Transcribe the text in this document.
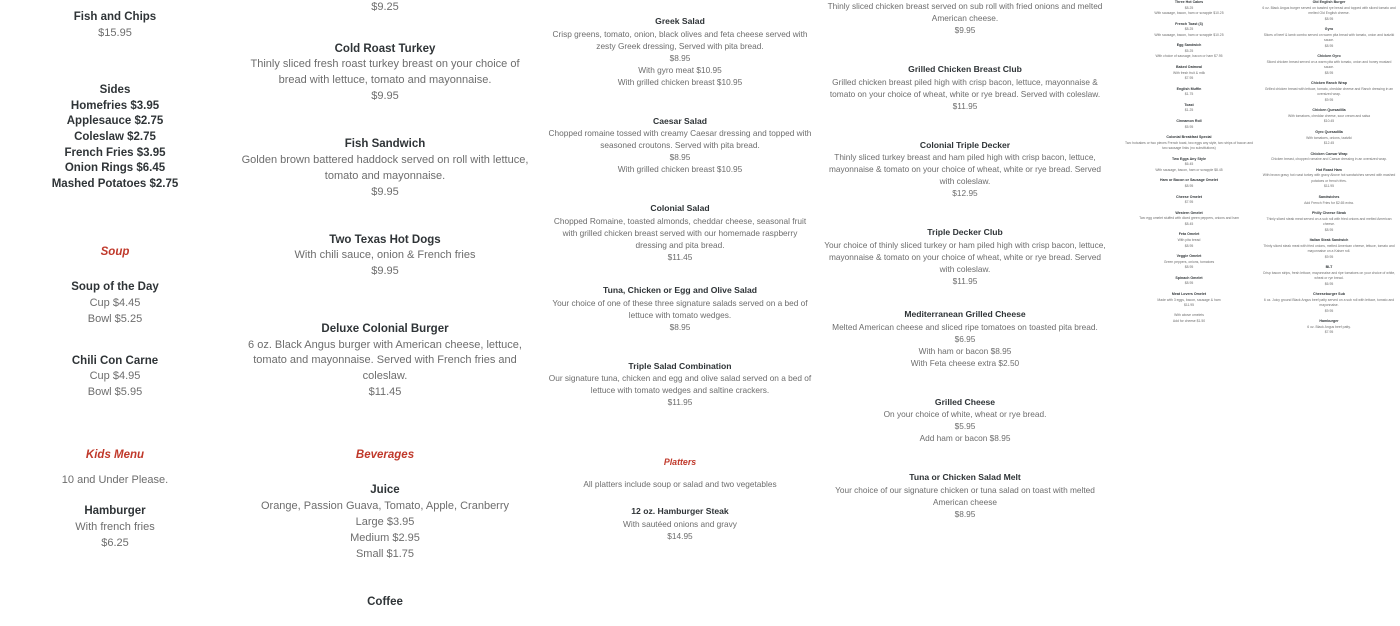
Fish and Chips
$15.95
Sides
Homefries $3.95
Applesauce $2.75
Coleslaw $2.75
French Fries $3.95
Onion Rings $6.45
Mashed Potatoes $2.75
Soup
Soup of the Day
Cup $4.45
Bowl $5.25
Chili Con Carne
Cup $4.95
Bowl $5.95
Kids Menu
10 and Under Please.
Hamburger
With french fries
$6.25
$9.25
Cold Roast Turkey
Thinly sliced fresh roast turkey breast on your choice of bread with lettuce, tomato and mayonnaise.
$9.95
Fish Sandwich
Golden brown battered haddock served on roll with lettuce, tomato and mayonnaise.
$9.95
Two Texas Hot Dogs
With chili sauce, onion & French fries
$9.95
Deluxe Colonial Burger
6 oz. Black Angus burger with American cheese, lettuce, tomato and mayonnaise. Served with French fries and coleslaw.
$11.45
Beverages
Juice
Orange, Passion Guava, Tomato, Apple, Cranberry
Large $3.95
Medium $2.95
Small $1.75
Coffee
Greek Salad
Crisp greens, tomato, onion, black olives and feta cheese served with zesty Greek dressing, Served with pita bread.
$8.95
With gyro meat $10.95
With grilled chicken breast $10.95
Caesar Salad
Chopped romaine tossed with creamy Caesar dressing and topped with seasoned croutons. Served with pita bread.
$8.95
With grilled chicken breast $10.95
Colonial Salad
Chopped Romaine, toasted almonds, cheddar cheese, seasonal fruit with grilled chicken breast served with our homemade raspberry dressing and pita bread.
$11.45
Tuna, Chicken or Egg and Olive Salad
Your choice of one of these three signature salads served on a bed of lettuce with tomato wedges.
$8.95
Triple Salad Combination
Our signature tuna, chicken and egg and olive salad served on a bed of lettuce with tomato wedges and saltine crackers.
$11.95
Platters
All platters include soup or salad and two vegetables
12 oz. Hamburger Steak
With sautéed onions and gravy
$14.95
Thinly sliced chicken breast served on sub roll with fried onions and melted American cheese.
$9.95
Grilled Chicken Breast Club
Grilled chicken breast piled high with crisp bacon, lettuce, mayonnaise & tomato on your choice of wheat, white or rye bread. Served with coleslaw.
$11.95
Colonial Triple Decker
Thinly sliced turkey breast and ham piled high with crisp bacon, lettuce, mayonnaise & tomato on your choice of wheat, white or rye bread. Served with coleslaw.
$12.95
Triple Decker Club
Your choice of thinly sliced turkey or ham piled high with crisp bacon, lettuce, mayonnaise & tomato on your choice of wheat, white or rye bread. Served with coleslaw.
$11.95
Mediterranean Grilled Cheese
Melted American cheese and sliced ripe tomatoes on toasted pita bread.
$6.95
With ham or bacon $8.95
With Feta cheese extra $2.50
Grilled Cheese
On your choice of white, wheat or rye bread.
$5.95
Add ham or bacon $8.95
Tuna or Chicken Salad Melt
Your choice of our signature chicken or tuna salad on toast with melted American cheese
$8.95
Three Hot Cakes
$8.25
With sausage, bacon, ham or scrapple $10.25
French Toast (3)
$8.25
With sausage, bacon, ham or scrapple $10.25
Egg Sandwich
$5.25
With choice of sausage, bacon or ham $7.95
Baked Oatmeal
With fresh fruit & milk
$7.95
English Muffin
$1.75
Toast
$1.25
Cinnamon Roll
$5.95
Colonial Breakfast Special
Two hotcakes or two pieces French toast, two eggs any style, two strips of bacon and two sausage links (no substitutions)
Two Eggs Any Style
$6.45
With sausage, bacon, ham or scrapple $8.45
Ham or Bacon or Sausage Omelet
$8.95
Cheese Omelet
$7.95
Western Omelet
Two egg omelet stuffed with diced green peppers, onions and ham
$8.45
Feta Omelet
With pita bread
$8.95
Veggie Omelet
Green peppers, onions, tomatoes
$8.95
Spinach Omelet
$8.95
Meat Lovers Omelet
Made with 3 eggs, bacon, sausage & ham
$11.95
With above omelets
Add for cheese $1.50
Old English Burger
6 oz. Black Angus burger served on toasted rye bread and topped with sliced tomato and melted Old English cheese.
$8.95
Gyro
Slices of beef & lamb combo served on warm pita bread with tomato, onion and tzatziki sauce.
$8.95
Chicken Gyro
Sliced chicken breast served on a warm pita with tomato, onion and honey mustard sauce.
$8.95
Chicken Ranch Wrap
Grilled chicken breast with lettuce, tomato, cheddar cheese and Ranch dressing in an oversized wrap.
$9.95
Chicken Quesadilla
With tomatoes, cheddar cheese, sour cream and salsa
$10.45
Gyro Quesadilla
With tomatoes, onions, tzatziki
$12.45
Chicken Caesar Wrap
Chicken breast, chopped romaine and Caesar dressing in an oversized wrap.
Hot Roast Ham
With brown gravy hot roast turkey with gravy Above hot sandwiches served with mashed potatoes or french fries.
$11.95
Sandwiches
Add French Fries for $2.65 extra.
Philly Cheese Steak
Thinly sliced steak meat served on a sub roll with fried onions and melted American cheese.
$8.95
Italian Steak Sandwich
Thinly sliced steak meat with fried onions, melted American cheese, lettuce, tomato and mayonnaise on a Kaiser roll.
$9.95
BLT
Crisp bacon strips, fresh lettuce, mayonnaise and ripe tomatoes on your choice of white, wheat or rye bread.
$6.95
Cheeseburger Sub
6 oz. Juicy ground Black Angus beef patty served on a sub roll with lettuce, tomato and mayonnaise.
$9.95
Hamburger
6 oz. Black Angus beef patty.
$7.95
